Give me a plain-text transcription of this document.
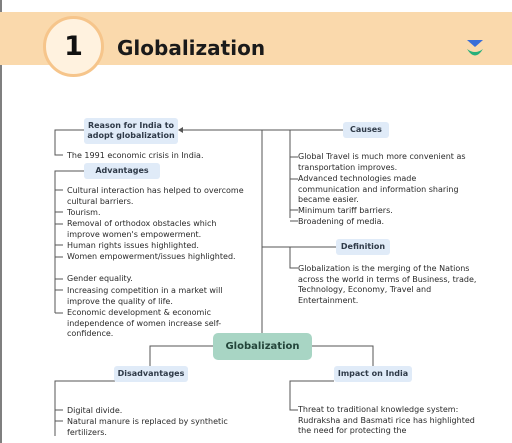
1	Globalization
Reason for India to adopt globalization
The 1991 economic crisis in India.
Advantages
Cultural interaction has helped to overcome cultural barriers.
Tourism.
Removal of orthodox obstacles which improve women's empowerment.
Human rights issues highlighted.
Women empowerment/issues highlighted.
Gender equality.
Increasing competition in a market will improve the quality of life.
Economic development & economic independence of women increase self-confidence.
Causes
Global Travel is much more convenient as transportation improves.
Advanced technologies made communication and information sharing became easier.
Minimum tariff barriers.
Broadening of media.
Definition
Globalization is the merging of the Nations across the world in terms of Business, trade, Technology, Economy, Travel and Entertainment.
Globalization
Disadvantages
Digital divide.
Natural manure is replaced by synthetic fertilizers.
Impact on India
Threat to traditional knowledge system: Rudraksha and Basmati rice has highlighted the need for protecting the
